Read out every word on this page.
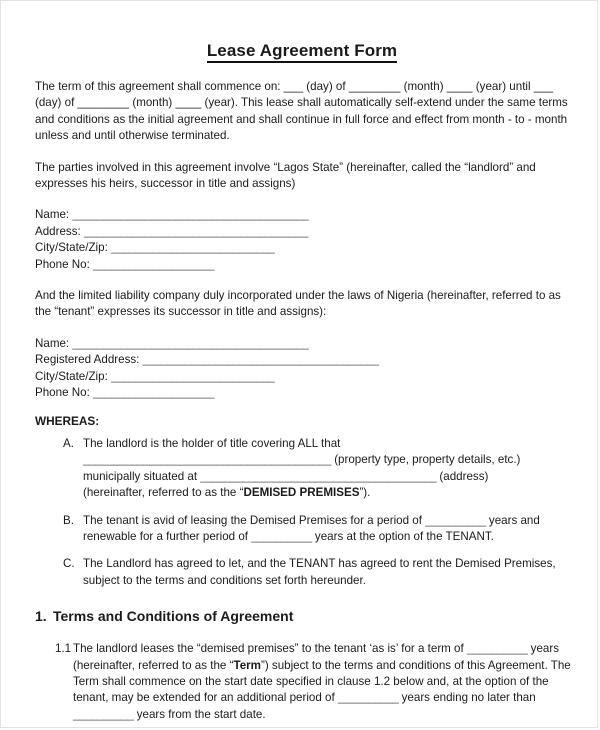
Lease Agreement Form

The term of this agreement shall commence on: ___ (day) of ________ (month) ____ (year) until ___ (day) of ________ (month) ____ (year). This lease shall automatically self-extend under the same terms and conditions as the initial agreement and shall continue in full force and effect from month - to - month unless and until otherwise terminated.

The parties involved in this agreement involve “Lagos State” (hereinafter, called the “landlord” and expresses his heirs, successor in title and assigns)

Name: _______________________________________
Address: _____________________________________
City/State/Zip: ___________________________
Phone No: ____________________

And the limited liability company duly incorporated under the laws of Nigeria (hereinafter, referred to as the “tenant” expresses its successor in title and assigns):

Name: _______________________________________
Registered Address: _______________________________________
City/State/Zip: ___________________________
Phone No: ____________________

WHEREAS:

A. The landlord is the holder of title covering ALL that
_________________________________________ (property type, property details, etc.)
municipally situated at _______________________________________ (address)
(hereinafter, referred to as the “DEMISED PREMISES”).
B. The tenant is avid of leasing the Demised Premises for a period of __________ years and renewable for a further period of __________ years at the option of the TENANT.
C. The Landlord has agreed to let, and the TENANT has agreed to rent the Demised Premises, subject to the terms and conditions set forth hereunder.
1. Terms and Conditions of Agreement
1.1 The landlord leases the “demised premises” to the tenant ‘as is’ for a term of __________ years (hereinafter, referred to as the “Term”) subject to the terms and conditions of this Agreement. The Term shall commence on the start date specified in clause 1.2 below and, at the option of the tenant, may be extended for an additional period of __________ years ending no later than __________ years from the start date.
